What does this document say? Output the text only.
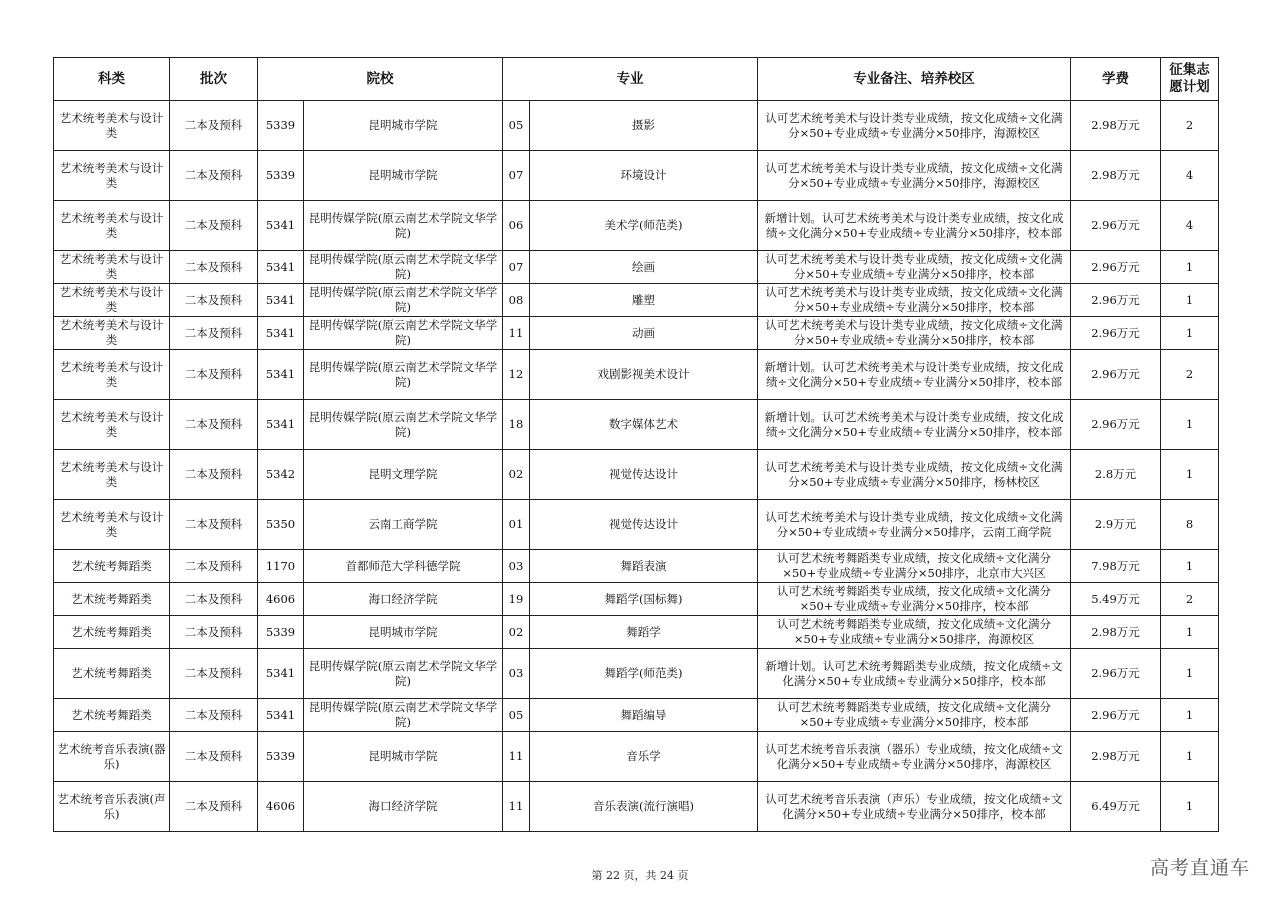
科类	批次	院校		专业		专业备注、培养校区	学费	征集志愿计划
艺术统考美术与设计类	二本及预科	5339	昆明城市学院	05	摄影	认可艺术统考美术与设计类专业成绩，按文化成绩÷文化满分×50+专业成绩÷专业满分×50排序，海源校区	2.98万元	2
艺术统考美术与设计类	二本及预科	5339	昆明城市学院	07	环境设计	认可艺术统考美术与设计类专业成绩，按文化成绩÷文化满分×50+专业成绩÷专业满分×50排序，海源校区	2.98万元	4
艺术统考美术与设计类	二本及预科	5341	昆明传媒学院(原云南艺术学院文华学院)	06	美术学(师范类)	新增计划。认可艺术统考美术与设计类专业成绩，按文化成绩÷文化满分×50+专业成绩÷专业满分×50排序，校本部	2.96万元	4
艺术统考美术与设计类	二本及预科	5341	昆明传媒学院(原云南艺术学院文华学院)	07	绘画	认可艺术统考美术与设计类专业成绩，按文化成绩÷文化满分×50+专业成绩÷专业满分×50排序，校本部	2.96万元	1
艺术统考美术与设计类	二本及预科	5341	昆明传媒学院(原云南艺术学院文华学院)	08	雕塑	认可艺术统考美术与设计类专业成绩，按文化成绩÷文化满分×50+专业成绩÷专业满分×50排序，校本部	2.96万元	1
艺术统考美术与设计类	二本及预科	5341	昆明传媒学院(原云南艺术学院文华学院)	11	动画	认可艺术统考美术与设计类专业成绩，按文化成绩÷文化满分×50+专业成绩÷专业满分×50排序，校本部	2.96万元	1
艺术统考美术与设计类	二本及预科	5341	昆明传媒学院(原云南艺术学院文华学院)	12	戏剧影视美术设计	新增计划。认可艺术统考美术与设计类专业成绩，按文化成绩÷文化满分×50+专业成绩÷专业满分×50排序，校本部	2.96万元	2
艺术统考美术与设计类	二本及预科	5341	昆明传媒学院(原云南艺术学院文华学院)	18	数字媒体艺术	新增计划。认可艺术统考美术与设计类专业成绩，按文化成绩÷文化满分×50+专业成绩÷专业满分×50排序，校本部	2.96万元	1
艺术统考美术与设计类	二本及预科	5342	昆明文理学院	02	视觉传达设计	认可艺术统考美术与设计类专业成绩，按文化成绩÷文化满分×50+专业成绩÷专业满分×50排序，杨林校区	2.8万元	1
艺术统考美术与设计类	二本及预科	5350	云南工商学院	01	视觉传达设计	认可艺术统考美术与设计类专业成绩，按文化成绩÷文化满分×50+专业成绩÷专业满分×50排序，云南工商学院	2.9万元	8
艺术统考舞蹈类	二本及预科	1170	首都师范大学科德学院	03	舞蹈表演	认可艺术统考舞蹈类专业成绩，按文化成绩÷文化满分×50+专业成绩÷专业满分×50排序，北京市大兴区	7.98万元	1
艺术统考舞蹈类	二本及预科	4606	海口经济学院	19	舞蹈学(国标舞)	认可艺术统考舞蹈类专业成绩，按文化成绩÷文化满分×50+专业成绩÷专业满分×50排序，校本部	5.49万元	2
艺术统考舞蹈类	二本及预科	5339	昆明城市学院	02	舞蹈学	认可艺术统考舞蹈类专业成绩，按文化成绩÷文化满分×50+专业成绩÷专业满分×50排序，海源校区	2.98万元	1
艺术统考舞蹈类	二本及预科	5341	昆明传媒学院(原云南艺术学院文华学院)	03	舞蹈学(师范类)	新增计划。认可艺术统考舞蹈类专业成绩，按文化成绩÷文化满分×50+专业成绩÷专业满分×50排序，校本部	2.96万元	1
艺术统考舞蹈类	二本及预科	5341	昆明传媒学院(原云南艺术学院文华学院)	05	舞蹈编导	认可艺术统考舞蹈类专业成绩，按文化成绩÷文化满分×50+专业成绩÷专业满分×50排序，校本部	2.96万元	1
艺术统考音乐表演(器乐)	二本及预科	5339	昆明城市学院	11	音乐学	认可艺术统考音乐表演（器乐）专业成绩，按文化成绩÷文化满分×50+专业成绩÷专业满分×50排序，海源校区	2.98万元	1
艺术统考音乐表演(声乐)	二本及预科	4606	海口经济学院	11	音乐表演(流行演唱)	认可艺术统考音乐表演（声乐）专业成绩，按文化成绩÷文化满分×50+专业成绩÷专业满分×50排序，校本部	6.49万元	1
第 22 页，共 24 页	高考直通车
